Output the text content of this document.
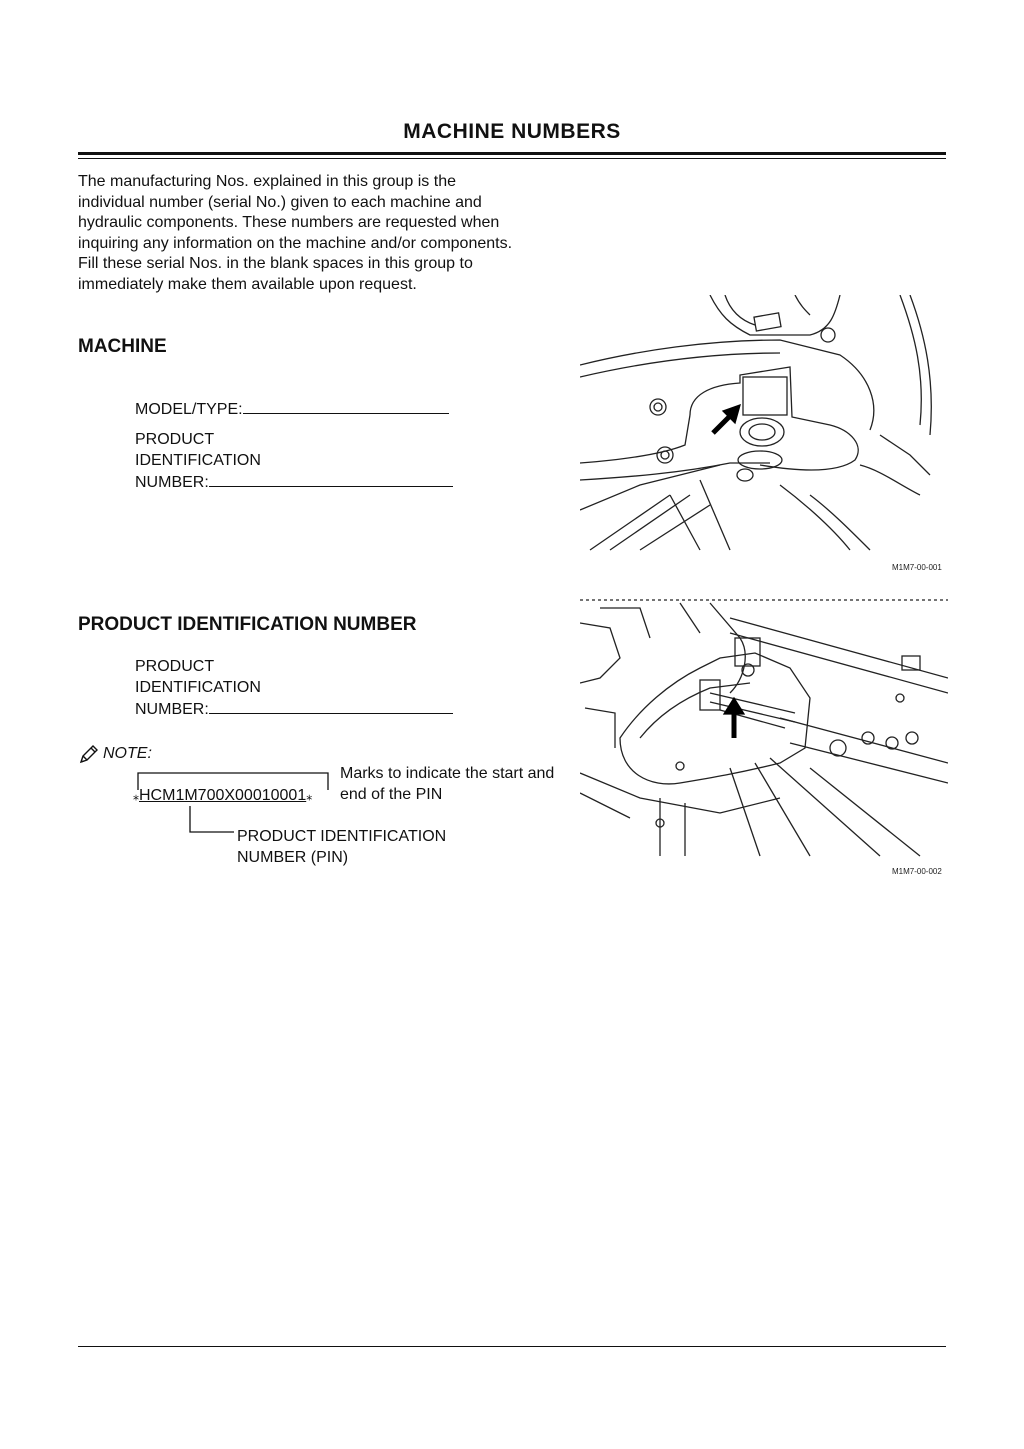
MACHINE NUMBERS
The manufacturing Nos. explained in this group is the individual number (serial No.) given to each machine and hydraulic components. These numbers are requested when inquiring any information on the machine and/or components. Fill these serial Nos. in the blank spaces in this group to immediately make them available upon request.
MACHINE
MODEL/TYPE:
PRODUCT
IDENTIFICATION
NUMBER:
M1M7-00-001
PRODUCT IDENTIFICATION NUMBER
PRODUCT
IDENTIFICATION
NUMBER:
NOTE:
⁎HCM1M700X00010001⁎
Marks to indicate the start and
end of the PIN
PRODUCT IDENTIFICATION
NUMBER (PIN)
M1M7-00-002
